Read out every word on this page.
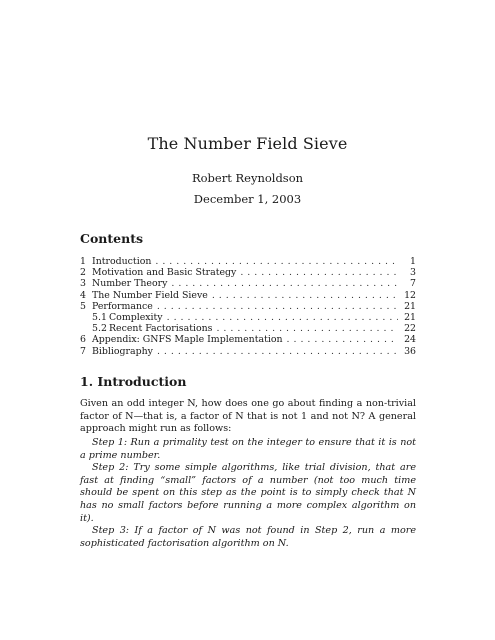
The Number Field Sieve
Robert Reynoldson
December 1, 2003
Contents
1 Introduction . . .	1
2 Motivation and Basic Strategy . . .	3
3 Number Theory . . .	7
4 The Number Field Sieve . . .	12
5 Performance . . .	21
5.1 Complexity . . .	21
5.2 Recent Factorisations . . .	22
6 Appendix: GNFS Maple Implementation . . .	24
7 Bibliography . . .	36
1. Introduction
Given an odd integer N, how does one go about finding a non-trivial factor of N—that is, a factor of N that is not 1 and not N? A general approach might run as follows:

Step 1: Run a primality test on the integer to ensure that it is not a prime number.

Step 2: Try some simple algorithms, like trial division, that are fast at finding “small” factors of a number (not too much time should be spent on this step as the point is to simply check that N has no small factors before running a more complex algorithm on it).

Step 3: If a factor of N was not found in Step 2, run a more sophisticated factorisation algorithm on N.
